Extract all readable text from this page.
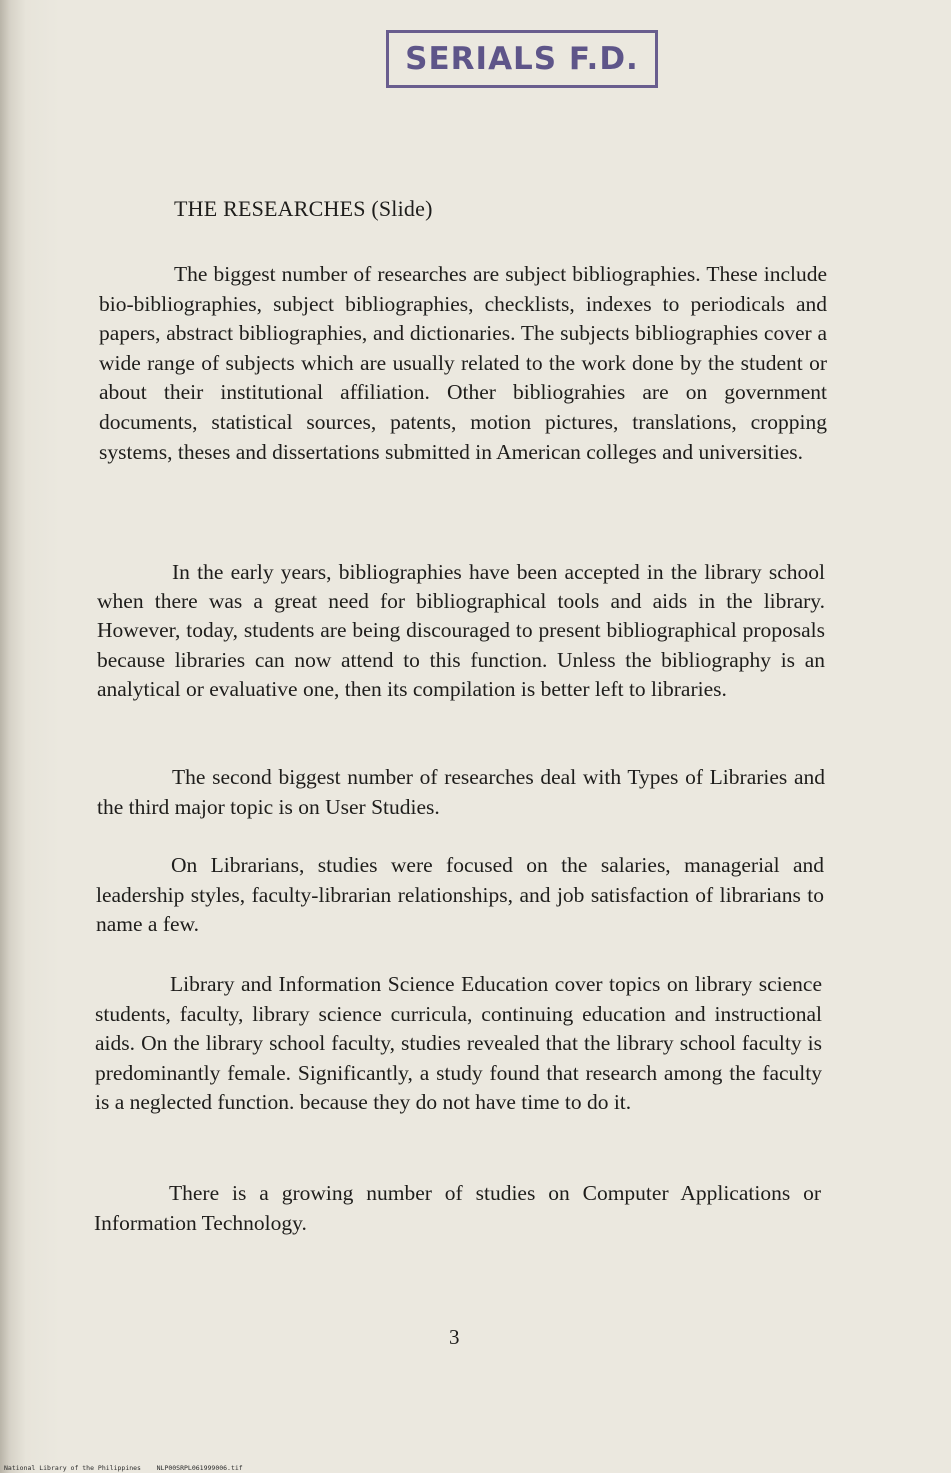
SERIALS F.D.
THE RESEARCHES (Slide)

The biggest number of researches are subject bibliographies. These include bio-bibliographies, subject bibliographies, checklists, indexes to periodicals and papers, abstract bibliographies, and dictionaries. The subjects bibliographies cover a wide range of subjects which are usually related to the work done by the student or about their institutional affiliation. Other bibliograhies are on government documents, statistical sources, patents, motion pictures, translations, cropping systems, theses and dissertations submitted in American colleges and universities.

In the early years, bibliographies have been accepted in the library school when there was a great need for bibliographical tools and aids in the library. However, today, students are being discouraged to present bibliographical proposals because libraries can now attend to this function. Unless the bibliography is an analytical or evaluative one, then its compilation is better left to libraries.

The second biggest number of researches deal with Types of Libraries and the third major topic is on User Studies.

On Librarians, studies were focused on the salaries, managerial and leadership styles, faculty-librarian relationships, and job satisfaction of librarians to name a few.

Library and Information Science Education cover topics on library science students, faculty, library science curricula, continuing education and instructional aids. On the library school faculty, studies revealed that the library school faculty is predominantly female. Significantly, a study found that research among the faculty is a neglected function. because they do not have time to do it.

There is a growing number of studies on Computer Applications or Information Technology.

3
National Library of the Philippines    NLP00SRPL061999006.tif
